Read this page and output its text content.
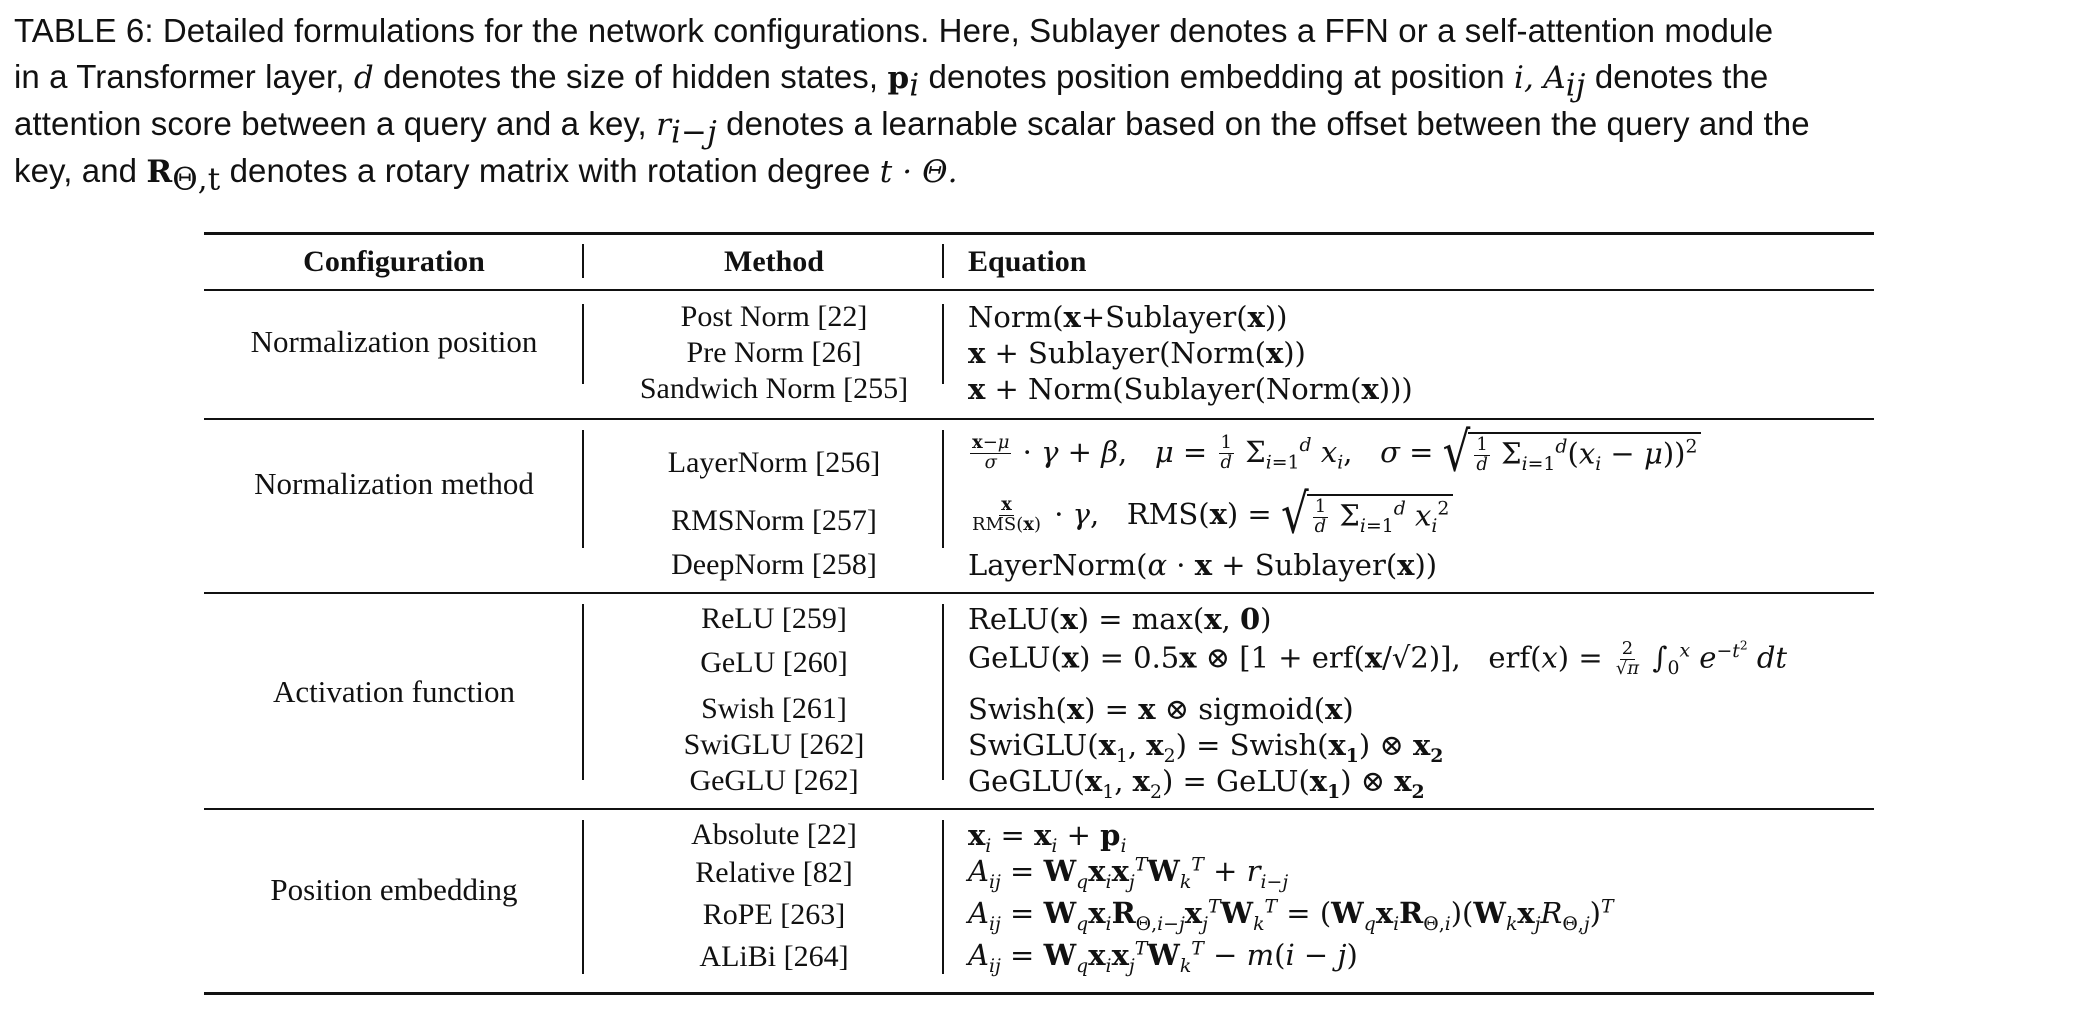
TABLE 6: Detailed formulations for the network configurations. Here, Sublayer denotes a FFN or a self-attention module
in a Transformer layer, d denotes the size of hidden states, $p_i$ denotes position embedding at position i, $A_{ij}$ denotes the
attention score between a query and a key, $r_{i-j}$ denotes a learnable scalar based on the offset between the query and the
key, and $R_{\Theta,t}$ denotes a rotary matrix with rotation degree t · Θ.
Configuration	Method	Equation
Normalization position
Post Norm [22]
Pre Norm [26]
Sandwich Norm [255]
Norm(x+Sublayer(x))
x + Sublayer(Norm(x))
x + Norm(Sublayer(Norm(x)))
Normalization method
LayerNorm [256]
RMSNorm [257]
DeepNorm [258]
$\frac{x-\mu}{\sigma} \cdot \gamma + \beta$,   $\mu = \frac{1}{d} \Sigma_{i=1}^d$ $x_i$,   σ = √ $\frac{1}{d} \Sigma_{i=1}^d(x_i - \mu))^2$
$\frac{x}{\text{RMS(x)}} \cdot \gamma$,   RMS(x) = √ $\frac{1}{d} \Sigma_{i=1}^d$ $x_i^2$
LayerNorm(α · x + Sublayer(x))
Activation function
ReLU [259]
GeLU [260]
Swish [261]
SwiGLU [262]
GeGLU [262]
ReLU(x) = max(x, 0)
GeLU(x) = 0.5x ⊗ [1 + erf(x/√2)],   $erf(x) = \frac{2}{√\pi} \int_0^x$ $e^{-t^2}$ dt
Swish(x) = x ⊗ sigmoid(x)
$SwiGLU(x_1$, $x_2$) = $Swish(x_1)$ ⊗ $x_2$
$GeGLU(x_1$, $x_2$) = $GeLU(x_1)$ ⊗ $x_2$
Position embedding
Absolute [22]
Relative [82]
RoPE [263]
ALiBi [264]
$x_i = x_i + p_i$
$A_{ij} = W_qx_ix_j^TW_k^T + r_{i-j}$
$A_{ij} = W_qx_iR_{\Theta,i-j}x_j^TW_k^T = (W_qx_iR_{\Theta,i})(W_kx_jR_{\Theta,j})^T$
$A_{ij} = W_qx_ix_j^TW_k^T - m(i - j)$
